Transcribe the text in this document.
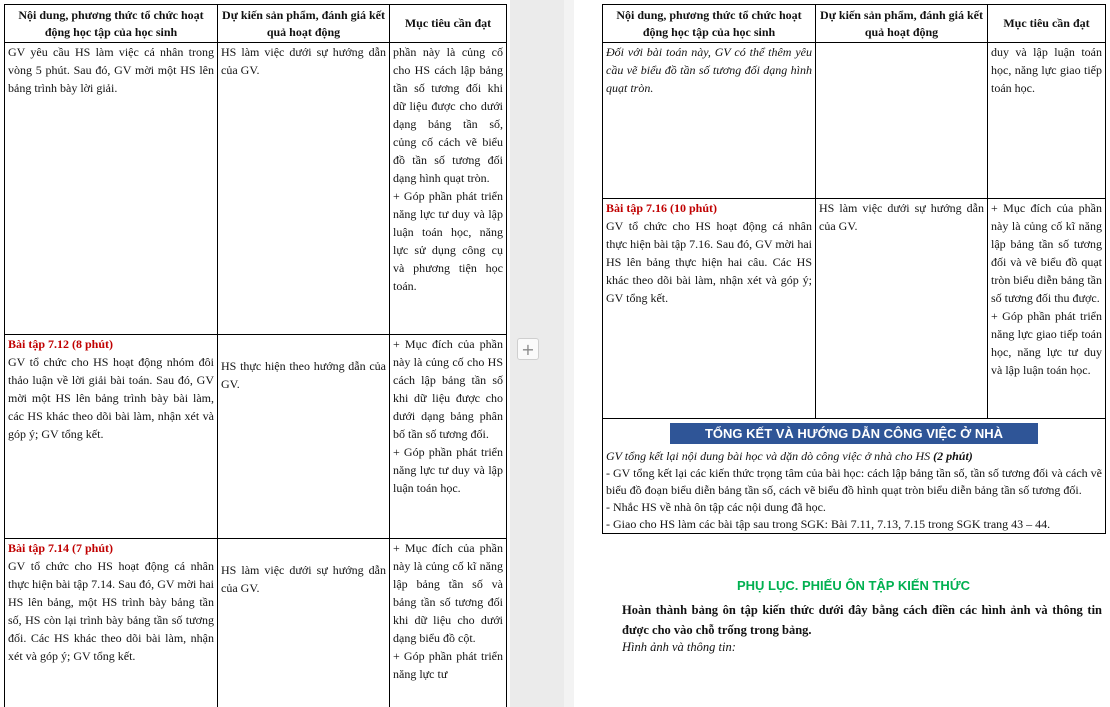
Nội dung, phương thức tổ chức hoạt động học tập của học sinh	Dự kiến sản phẩm, đánh giá kết quả hoạt động	Mục tiêu cần đạt
GV yêu cầu HS làm việc cá nhân trong vòng 5 phút. Sau đó, GV mời một HS lên bảng trình bày lời giải.	HS làm việc dưới sự hướng dẫn của GV.	phần này là củng cố cho HS cách lập bảng tần số tương đối khi dữ liệu được cho dưới dạng bảng tần số, củng cố cách vẽ biểu đồ tần số tương đối dạng hình quạt tròn.
+ Góp phần phát triển năng lực tư duy và lập luận toán học, năng lực sử dụng công cụ và phương tiện học toán.

Bài tập 7.12 (8 phút)
GV tổ chức cho HS hoạt động nhóm đôi thảo luận về lời giải bài toán. Sau đó, GV mời một HS lên bảng trình bày bài làm, các HS khác theo dõi bài làm, nhận xét và góp ý; GV tổng kết.	HS thực hiện theo hướng dẫn của GV.	+ Mục đích của phần này là củng cố cho HS cách lập bảng tần số khi dữ liệu được cho dưới dạng bảng phân bố tần số tương đối.
+ Góp phần phát triển năng lực tư duy và lập luận toán học.

Bài tập 7.14 (7 phút)
GV tổ chức cho HS hoạt động cá nhân thực hiện bài tập 7.14. Sau đó, GV mời hai HS lên bảng, một HS trình bày bảng tần số, HS còn lại trình bày bảng tần số tương đối. Các HS khác theo dõi bài làm, nhận xét và góp ý; GV tổng kết.	HS làm việc dưới sự hướng dẫn của GV.	+ Mục đích của phần này là củng cố kĩ năng lập bảng tần số và bảng tần số tương đối khi dữ liệu cho dưới dạng biểu đồ cột.
+ Góp phần phát triển năng lực tư
+
Nội dung, phương thức tổ chức hoạt động học tập của học sinh	Dự kiến sản phẩm, đánh giá kết quả hoạt động	Mục tiêu cần đạt
Đối với bài toán này, GV có thể thêm yêu cầu vẽ biểu đồ tần số tương đối dạng hình quạt tròn.		duy và lập luận toán học, năng lực giao tiếp toán học.

Bài tập 7.16 (10 phút)
GV tổ chức cho HS hoạt động cá nhân thực hiện bài tập 7.16. Sau đó, GV mời hai HS lên bảng thực hiện hai câu. Các HS khác theo dõi bài làm, nhận xét và góp ý; GV tổng kết.	HS làm việc dưới sự hướng dẫn của GV.	+ Mục đích của phần này là củng cố kĩ năng lập bảng tần số tương đối và vẽ biểu đồ quạt tròn biểu diễn bảng tần số tương đối thu được.
+ Góp phần phát triển năng lực giao tiếp toán học, năng lực tư duy và lập luận toán học.

TỔNG KẾT VÀ HƯỚNG DẪN CÔNG VIỆC Ở NHÀ

GV tổng kết lại nội dung bài học và dặn dò công việc ở nhà cho HS (2 phút)

- GV tổng kết lại các kiến thức trọng tâm của bài học: cách lập bảng tần số, tần số tương đối và cách vẽ biểu đồ đoạn biểu diễn bảng tần số, cách vẽ biểu đồ hình quạt tròn biểu diễn bảng tần số tương đối.

- Nhắc HS về nhà ôn tập các nội dung đã học.

- Giao cho HS làm các bài tập sau trong SGK: Bài 7.11, 7.13, 7.15 trong SGK trang 43 – 44.		

PHỤ LỤC. PHIẾU ÔN TẬP KIẾN THỨC
Hoàn thành bảng ôn tập kiến thức dưới đây bằng cách điền các hình ảnh và thông tin được cho vào chỗ trống trong bảng.
Hình ảnh và thông tin:
